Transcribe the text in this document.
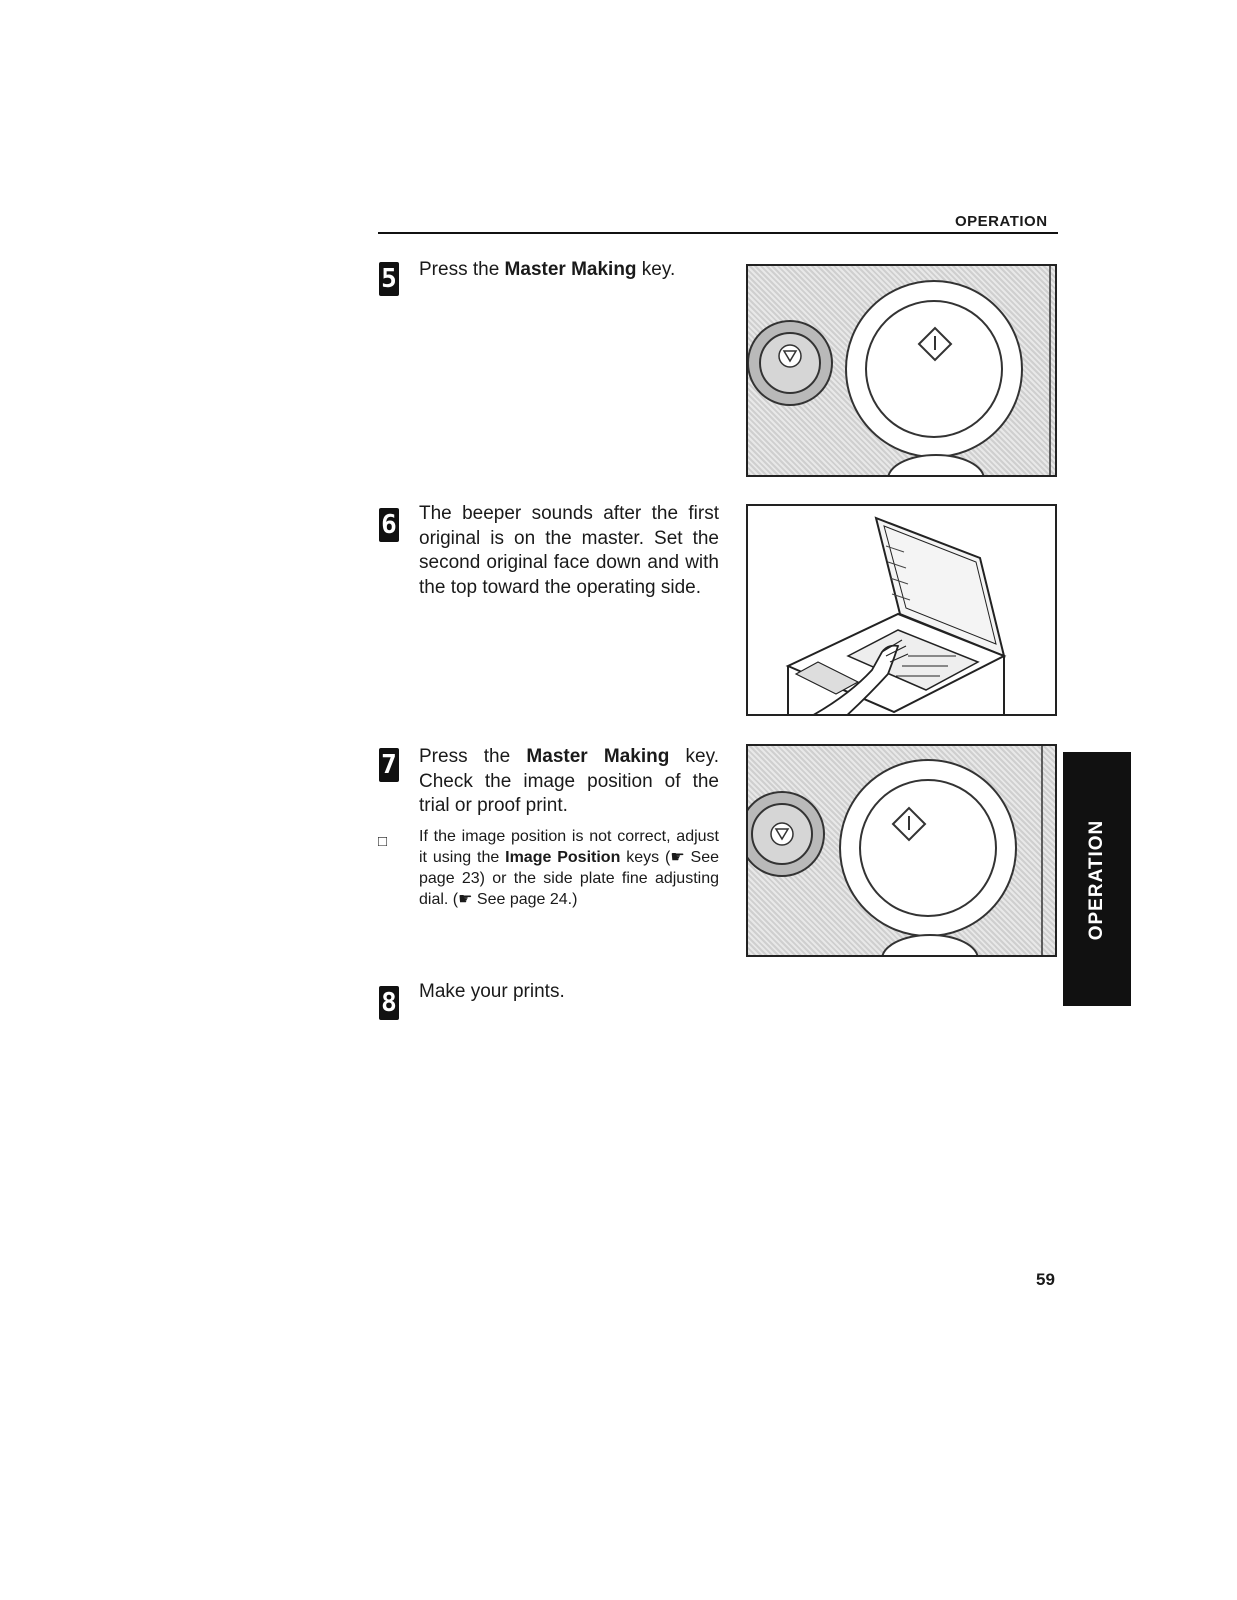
OPERATION
5 Press the Master Making key.
6 The beeper sounds after the first original is on the master. Set the second original face down and with the top toward the operating side.
7 Press the Master Making key. Check the image position of the trial or proof print.
□ If the image position is not correct, adjust it using the Image Position keys (☛ See page 23) or the side plate fine adjusting dial. (☛ See page 24.)
8 Make your prints.
OPERATION
59
